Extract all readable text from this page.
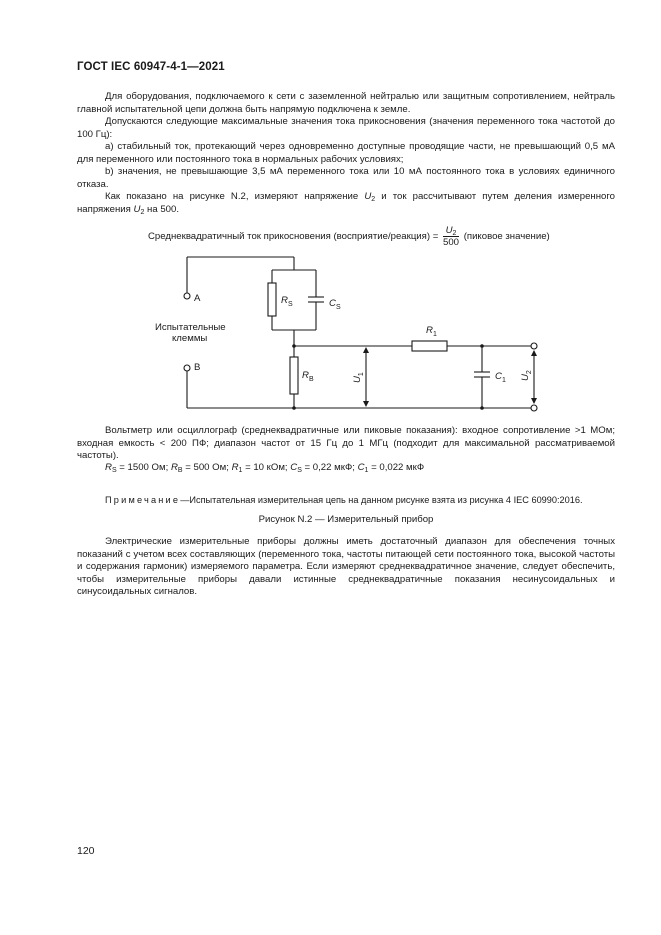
ГОСТ IEC 60947-4-1—2021
Для оборудования, подключаемого к сети с заземленной нейтралью или защитным сопротивлением, нейтраль главной испытательной цепи должна быть напрямую подключена к земле.
Допускаются следующие максимальные значения тока прикосновения (значения переменного тока частотой до 100 Гц):
a) стабильный ток, протекающий через одновременно доступные проводящие части, не превышающий 0,5 мА для переменного или постоянного тока в нормальных рабочих условиях;
b) значения, не превышающие 3,5 мА переменного тока или 10 мА постоянного тока в условиях единичного отказа.
Как показано на рисунке N.2, измеряют напряжение $U_2$ и ток рассчитывают путем деления измеренного напряжения $U_2$ на 500.
Среднеквадратичный ток прикосновения (восприятие/реакция) = $\frac{U_2}{500}$ (пиковое значение)
A
B
Испытательные
клеммы
$R_S$	$C_S$
$R_B$
$R_1$
$C_1$
$U_1$	$U_2$
Вольтметр или осциллограф (среднеквадратичные или пиковые показания): входное сопротивление >1 МОм; входная емкость < 200 ПФ; диапазон частот от 15 Гц до 1 МГц (подходит для максимальной рассматриваемой частоты).
$R_S = 1500$ Ом; $R_B = 500$ Ом; $R_1 = 10$ кОм; $C_S = 0,22$ мкФ; $C_1 = 0,022$ мкФ
Примечание—Испытательная измерительная цепь на данном рисунке взята из рисунка 4 IEC 60990:2016.
Рисунок N.2 — Измерительный прибор
Электрические измерительные приборы должны иметь достаточный диапазон для обеспечения точных показаний с учетом всех составляющих (переменного тока, частоты питающей сети постоянного тока, высокой частоты и содержания гармоник) измеряемого параметра. Если измеряют среднеквадратичное значение, следует обеспечить, чтобы измерительные приборы давали истинные среднеквадратичные показания несинусоидальных и синусоидальных сигналов.
120
